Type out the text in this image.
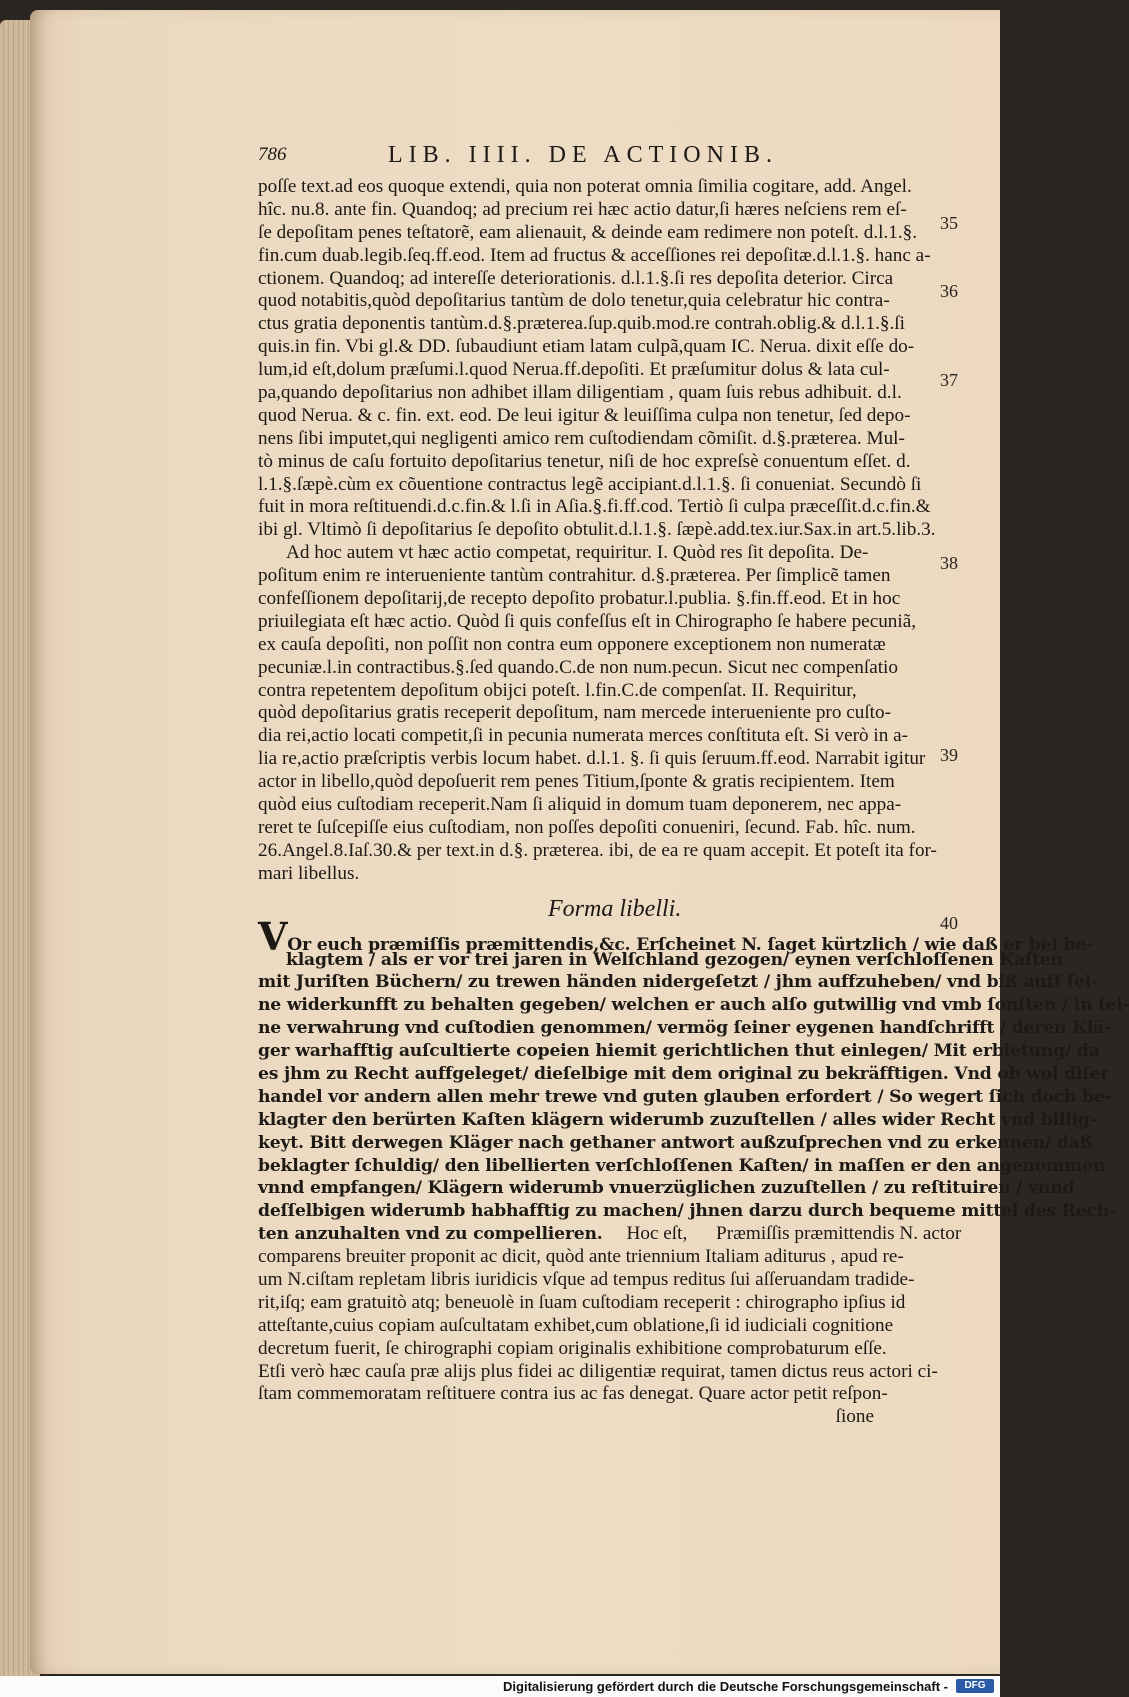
786	LIB. IIII. DE ACTIONIB.
poſſe text.ad eos quoque extendi, quia non poterat omnia ſimilia cogitare, add. Angel.
hîc. nu.8. ante fin. Quandoq; ad precium rei hæc actio datur,ſi hæres neſciens rem eſ-
ſe depoſitam penes teſtatorẽ, eam alienauit, & deinde eam redimere non poteſt. d.l.1.§.
fin.cum duab.legib.ſeq.ff.eod. Item ad fructus & acceſſiones rei depoſitæ.d.l.1.§. hanc a-
ctionem. Quandoq; ad intereſſe deteriorationis. d.l.1.§.ſi res depoſita deterior. Circa
quod notabitis,quòd depoſitarius tantùm de dolo tenetur,quia celebratur hic contra-
ctus gratia deponentis tantùm.d.§.præterea.ſup.quib.mod.re contrah.oblig.& d.l.1.§.ſi
quis.in fin. Vbi gl.& DD. ſubaudiunt etiam latam culpã,quam IC. Nerua. dixit eſſe do-
lum,id eſt,dolum præſumi.l.quod Nerua.ff.depoſiti. Et præſumitur dolus & lata cul-
pa,quando depoſitarius non adhibet illam diligentiam , quam ſuis rebus adhibuit. d.l.
quod Nerua. & c. fin. ext. eod. De leui igitur & leuiſſima culpa non tenetur, ſed depo-
nens ſibi imputet,qui negligenti amico rem cuſtodiendam cõmiſit. d.§.præterea. Mul-
tò minus de caſu fortuito depoſitarius tenetur, niſi de hoc expreſsè conuentum eſſet. d.
l.1.§.ſæpè.cùm ex cõuentione contractus legẽ accipiant.d.l.1.§. ſi conueniat. Secundò ſi
fuit in mora reſtituendi.d.c.fin.& l.ſi in Aſia.§.fi.ff.cod. Tertiò ſi culpa præceſſit.d.c.fin.&
ibi gl. Vltimò ſi depoſitarius ſe depoſito obtulit.d.l.1.§. ſæpè.add.tex.iur.Sax.in art.5.lib.3.
Ad hoc autem vt hæc actio competat, requiritur. I. Quòd res ſit depoſita. De-
poſitum enim re interueniente tantùm contrahitur. d.§.præterea. Per ſimplicẽ tamen
confeſſionem depoſitarij,de recepto depoſito probatur.l.publia. §.fin.ff.eod. Et in hoc
priuilegiata eſt hæc actio. Quòd ſi quis confeſſus eſt in Chirographo ſe habere pecuniã,
ex cauſa depoſiti, non poſſit non contra eum opponere exceptionem non numeratæ
pecuniæ.l.in contractibus.§.ſed quando.C.de non num.pecun. Sicut nec compenſatio
contra repetentem depoſitum obijci poteſt. l.fin.C.de compenſat. II. Requiritur,
quòd depoſitarius gratis receperit depoſitum, nam mercede interueniente pro cuſto-
dia rei,actio locati competit,ſi in pecunia numerata merces conſtituta eſt. Si verò in a-
lia re,actio præſcriptis verbis locum habet. d.l.1. §. ſi quis ſeruum.ff.eod. Narrabit igitur
actor in libello,quòd depoſuerit rem penes Titium,ſponte & gratis recipientem. Item
quòd eius cuſtodiam receperit.Nam ſi aliquid in domum tuam deponerem, nec appa-
reret te ſuſcepiſſe eius cuſtodiam, non poſſes depoſiti conueniri, ſecund. Fab. hîc. num.
26.Angel.8.Iaſ.30.& per text.in d.§. præterea. ibi, de ea re quam accepit. Et poteſt ita for-
mari libellus.
Forma libelli.
VOr euch præmiſſis præmittendis,&c. Erſcheinet N. ſaget kürtzlich / wie daß er bei be-
klagtem / als er vor trei jaren in Welſchland gezogen/ eynen verſchloſſenen Kaſten
mit Juriſten Büchern/ zu trewen händen nidergeſetzt / jhm auffzuheben/ vnd biß auff ſei-
ne widerkunfft zu behalten gegeben/ welchen er auch alſo gutwillig vnd vmb ſonſten / in ſei-
ne verwahrung vnd cuſtodien genommen/ vermög ſeiner eygenen handſchrifft / deren Klä-
ger warhafftig auſcultierte copeien hiemit gerichtlichen thut einlegen/ Mit erbietung/ da
es jhm zu Recht auffgeleget/ dieſelbige mit dem original zu bekräfftigen. Vnd ob wol diſer
handel vor andern allen mehr trewe vnd guten glauben erfordert / So wegert ſich doch be-
klagter den berürten Kaſten klägern widerumb zuzuſtellen / alles wider Recht vnd billig-
keyt. Bitt derwegen Kläger nach gethaner antwort außzuſprechen vnd zu erkennen/ daß
beklagter ſchuldig/ den libellierten verſchloſſenen Kaſten/ in maſſen er den angenommen
vnnd empfangen/ Klägern widerumb vnuerzüglichen zuzuſtellen / zu reſtituiren / vnnd
deſſelbigen widerumb habhafftig zu machen/ jhnen darzu durch bequeme mittel des Rech-
ten anzuhalten vnd zu compellieren.     Hoc eſt,      Præmiſſis præmittendis N. actor
comparens breuiter proponit ac dicit, quòd ante triennium Italiam aditurus , apud re-
um N.ciſtam repletam libris iuridicis vſque ad tempus reditus ſui aſſeruandam tradide-
rit,iſq; eam gratuitò atq; beneuolè in ſuam cuſtodiam receperit : chirographo ipſius id
atteſtante,cuius copiam auſcultatam exhibet,cum oblatione,ſi id iudiciali cognitione
decretum fuerit, ſe chirographi copiam originalis exhibitione comprobaturum eſſe.
Etſi verò hæc cauſa præ alijs plus fidei ac diligentiæ requirat, tamen dictus reus actori ci-
ſtam commemoratam reſtituere contra ius ac fas denegat. Quare actor petit reſpon-
ſione
35
36
37
38
39
40
Digitalisierung gefördert durch die Deutsche Forschungsgemeinschaft -	DFG
